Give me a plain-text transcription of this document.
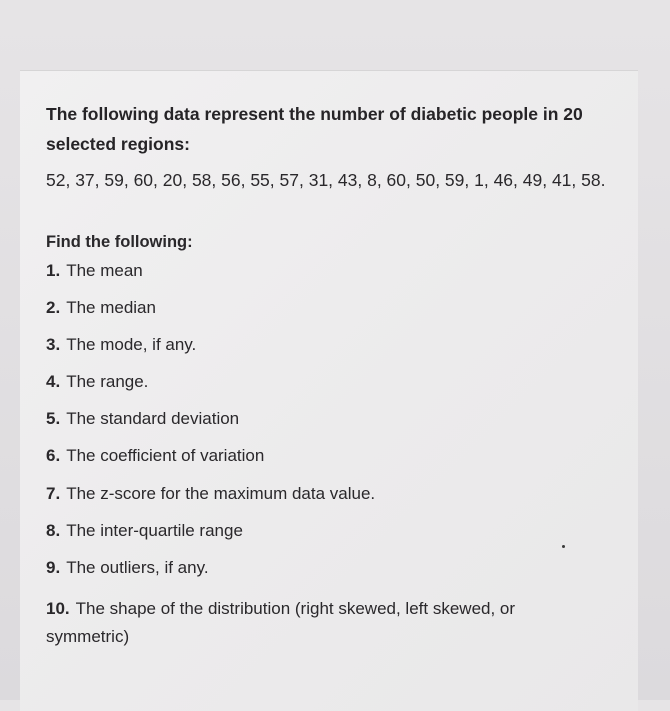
The following data represent the number of diabetic people in 20 selected regions:
52, 37, 59, 60, 20, 58, 56, 55, 57, 31, 43, 8, 60, 50, 59, 1, 46, 49, 41, 58.
Find the following:
1. The mean
2. The median
3. The mode, if any.
4. The range.
5. The standard deviation
6. The coefficient of variation
7. The z-score for the maximum data value.
8. The inter-quartile range
9. The outliers, if any.
10. The shape of the distribution (right skewed, left skewed, or symmetric)
